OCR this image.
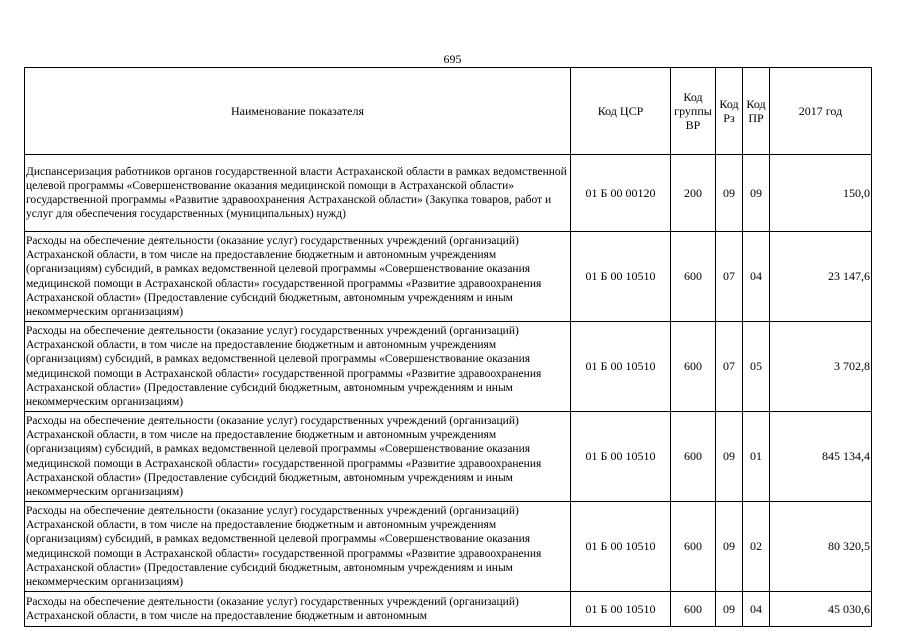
695
Наименование показателя	Код ЦСР	Код группы ВР	Код Рз	Код ПР	2017 год
Диспансеризация работников органов государственной власти Астраханской области в рамках ведомственной целевой программы «Совершенствование оказания медицинской помощи в Астраханской области» государственной программы «Развитие здравоохранения Астраханской области» (Закупка товаров, работ и услуг для обеспечения государственных (муниципальных) нужд)	01 Б 00 00120	200	09	09	150,0
Расходы на обеспечение деятельности (оказание услуг) государственных учреждений (организаций) Астраханской области, в том числе на предоставление бюджетным и автономным учреждениям (организациям) субсидий, в рамках ведомственной целевой программы «Совершенствование оказания медицинской помощи в Астраханской области» государственной программы «Развитие здравоохранения Астраханской области» (Предоставление субсидий бюджетным, автономным учреждениям и иным некоммерческим организациям)	01 Б 00 10510	600	07	04	23 147,6
Расходы на обеспечение деятельности (оказание услуг) государственных учреждений (организаций) Астраханской области, в том числе на предоставление бюджетным и автономным учреждениям (организациям) субсидий, в рамках ведомственной целевой программы «Совершенствование оказания медицинской помощи в Астраханской области» государственной программы «Развитие здравоохранения Астраханской области» (Предоставление субсидий бюджетным, автономным учреждениям и иным некоммерческим организациям)	01 Б 00 10510	600	07	05	3 702,8
Расходы на обеспечение деятельности (оказание услуг) государственных учреждений (организаций) Астраханской области, в том числе на предоставление бюджетным и автономным учреждениям (организациям) субсидий, в рамках ведомственной целевой программы «Совершенствование оказания медицинской помощи в Астраханской области» государственной программы «Развитие здравоохранения Астраханской области» (Предоставление субсидий бюджетным, автономным учреждениям и иным некоммерческим организациям)	01 Б 00 10510	600	09	01	845 134,4
Расходы на обеспечение деятельности (оказание услуг) государственных учреждений (организаций) Астраханской области, в том числе на предоставление бюджетным и автономным учреждениям (организациям) субсидий, в рамках ведомственной целевой программы «Совершенствование оказания медицинской помощи в Астраханской области» государственной программы «Развитие здравоохранения Астраханской области» (Предоставление субсидий бюджетным, автономным учреждениям и иным некоммерческим организациям)	01 Б 00 10510	600	09	02	80 320,5
Расходы на обеспечение деятельности (оказание услуг) государственных учреждений (организаций) Астраханской области, в том числе на предоставление бюджетным и автономным	01 Б 00 10510	600	09	04	45 030,6
